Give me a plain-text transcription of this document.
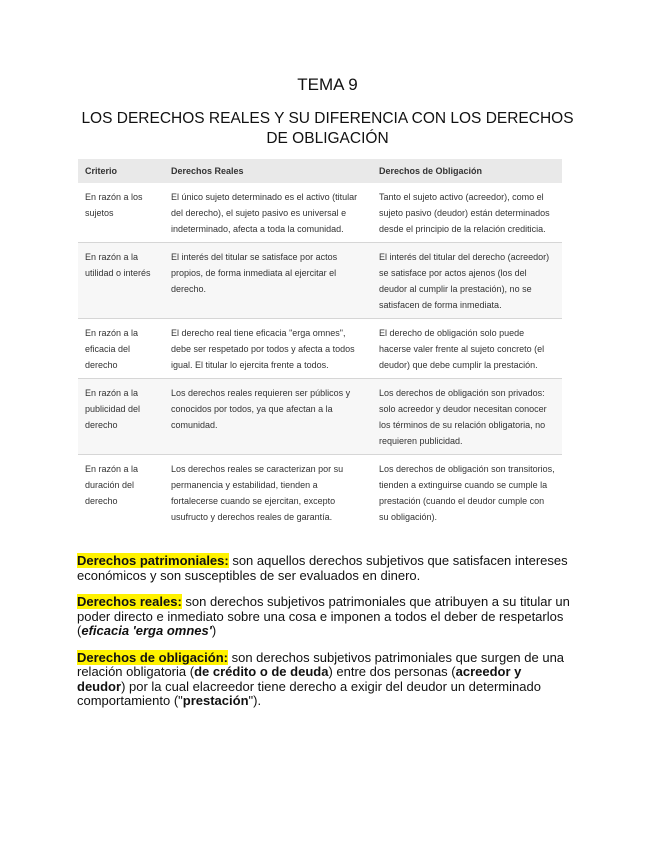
TEMA 9
LOS DERECHOS REALES Y SU DIFERENCIA CON LOS DERECHOS DE OBLIGACIÓN
Criterio	Derechos Reales	Derechos de Obligación
En razón a los sujetos
El único sujeto determinado es el activo (titular del derecho), el sujeto pasivo es universal e indeterminado, afecta a toda la comunidad.
Tanto el sujeto activo (acreedor), como el sujeto pasivo (deudor) están determinados desde el principio de la relación crediticia.
En razón a la utilidad o interés
El interés del titular se satisface por actos propios, de forma inmediata al ejercitar el derecho.
El interés del titular del derecho (acreedor) se satisface por actos ajenos (los del deudor al cumplir la prestación), no se satisfacen de forma inmediata.
En razón a la eficacia del derecho
El derecho real tiene eficacia "erga omnes", debe ser respetado por todos y afecta a todos igual. El titular lo ejercita frente a todos.
El derecho de obligación solo puede hacerse valer frente al sujeto concreto (el deudor) que debe cumplir la prestación.
En razón a la publicidad del derecho
Los derechos reales requieren ser públicos y conocidos por todos, ya que afectan a la comunidad.
Los derechos de obligación son privados: solo acreedor y deudor necesitan conocer los términos de su relación obligatoria, no requieren publicidad.
En razón a la duración del derecho
Los derechos reales se caracterizan por su permanencia y estabilidad, tienden a fortalecerse cuando se ejercitan, excepto usufructo y derechos reales de garantía.
Los derechos de obligación son transitorios, tienden a extinguirse cuando se cumple la prestación (cuando el deudor cumple con su obligación).

Derechos patrimoniales: son aquellos derechos subjetivos que satisfacen intereses económicos y son susceptibles de ser evaluados en dinero.

Derechos reales: son derechos subjetivos patrimoniales que atribuyen a su titular un poder directo e inmediato sobre una cosa e imponen a todos el deber de respetarlos (eficacia 'erga omnes')

Derechos de obligación: son derechos subjetivos patrimoniales que surgen de una relación obligatoria (de crédito o de deuda) entre dos personas (acreedor y deudor) por la cual elacreedor tiene derecho a exigir del deudor un determinado comportamiento ("prestación").
